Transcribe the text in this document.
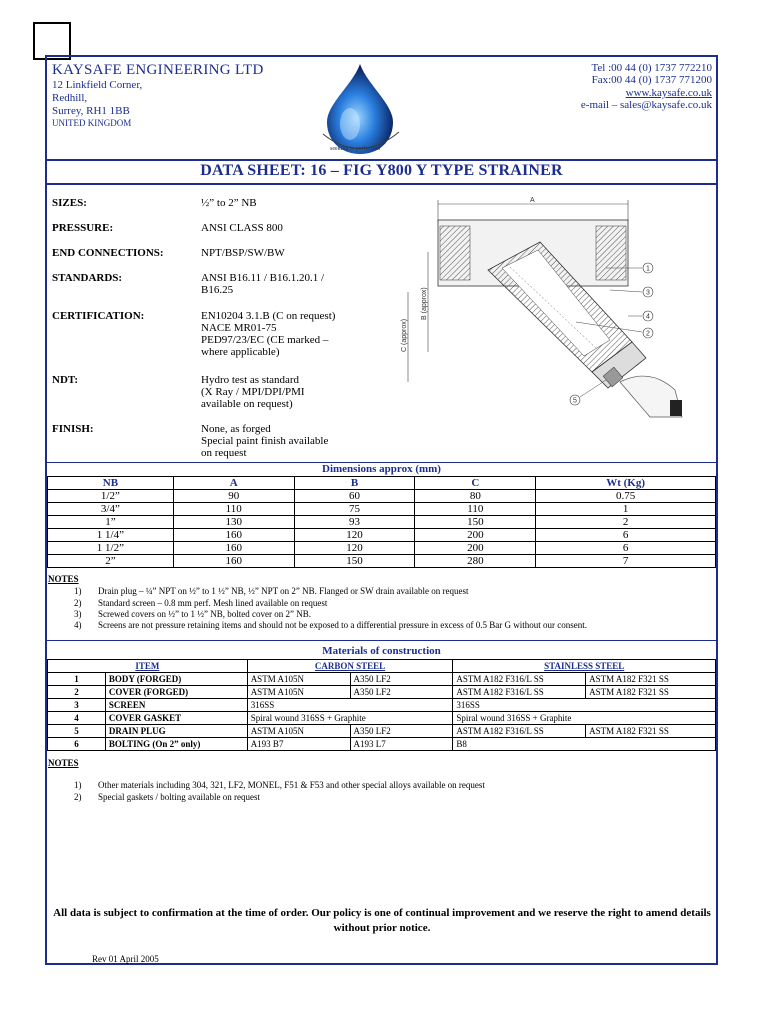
KAYSAFE ENGINEERING LTD
12 Linkfield Corner,
Redhill,
Surrey, RH1 1BB
UNITED KINGDOM
seeking to perfection
Tel :00 44 (0) 1737 772210
Fax:00 44 (0) 1737 771200
www.kaysafe.co.uk
e-mail – sales@kaysafe.co.uk
DATA SHEET: 16 – FIG Y800 Y TYPE STRAINER
SIZES:	½” to 2” NB
PRESSURE:	ANSI CLASS 800
END CONNECTIONS:	NPT/BSP/SW/BW
STANDARDS:	ANSI B16.11 / B16.1.20.1 /
B16.25
CERTIFICATION:	EN10204 3.1.B (C on request)
NACE MR01-75
PED97/23/EC (CE marked –
where applicable)
NDT:	Hydro test as standard
(X Ray / MPI/DPI/PMI
available on request)
FINISH:	None, as forged
Special paint finish available
on request
A
C (approx)
B (approx)
1
2
3
4
5
Dimensions approx (mm)
NB	A	B	C	Wt (Kg)
1/2”	90	60	80	0.75
3/4”	110	75	110	1
1”	130	93	150	2
1 1/4”	160	120	200	6
1 1/2”	160	120	200	6
2”	160	150	280	7
NOTES
1) Drain plug – ¼” NPT on ½” to 1 ½” NB, ½” NPT on 2” NB. Flanged or SW drain available on request
2) Standard screen – 0.8 mm perf. Mesh lined available on request
3) Screwed covers on ½” to 1 ½” NB, bolted cover on 2” NB.
4) Screens are not pressure retaining items and should not be exposed to a differential pressure in excess of 0.5 Bar G without our consent.
Materials of construction
ITEM		CARBON STEEL		STAINLESS STEEL	
1	BODY (FORGED)	ASTM A105N	A350 LF2	ASTM A182 F316/L SS	ASTM A182 F321 SS
2	COVER (FORGED)	ASTM A105N	A350 LF2	ASTM A182 F316/L SS	ASTM A182 F321 SS
3	SCREEN	316SS		316SS	
4	COVER GASKET	Spiral wound 316SS + Graphite		Spiral wound 316SS + Graphite	
5	DRAIN PLUG	ASTM A105N	A350 LF2	ASTM A182 F316/L SS	ASTM A182 F321 SS
6	BOLTING (On 2” only)	A193 B7	A193 L7	B8	
NOTES
1) Other materials including 304, 321, LF2, MONEL, F51 & F53 and other special alloys available on request
2) Special gaskets / bolting available on request
All data is subject to confirmation at the time of order. Our policy is one of continual improvement and we reserve the right to amend details without prior notice.
Rev 01 April 2005
